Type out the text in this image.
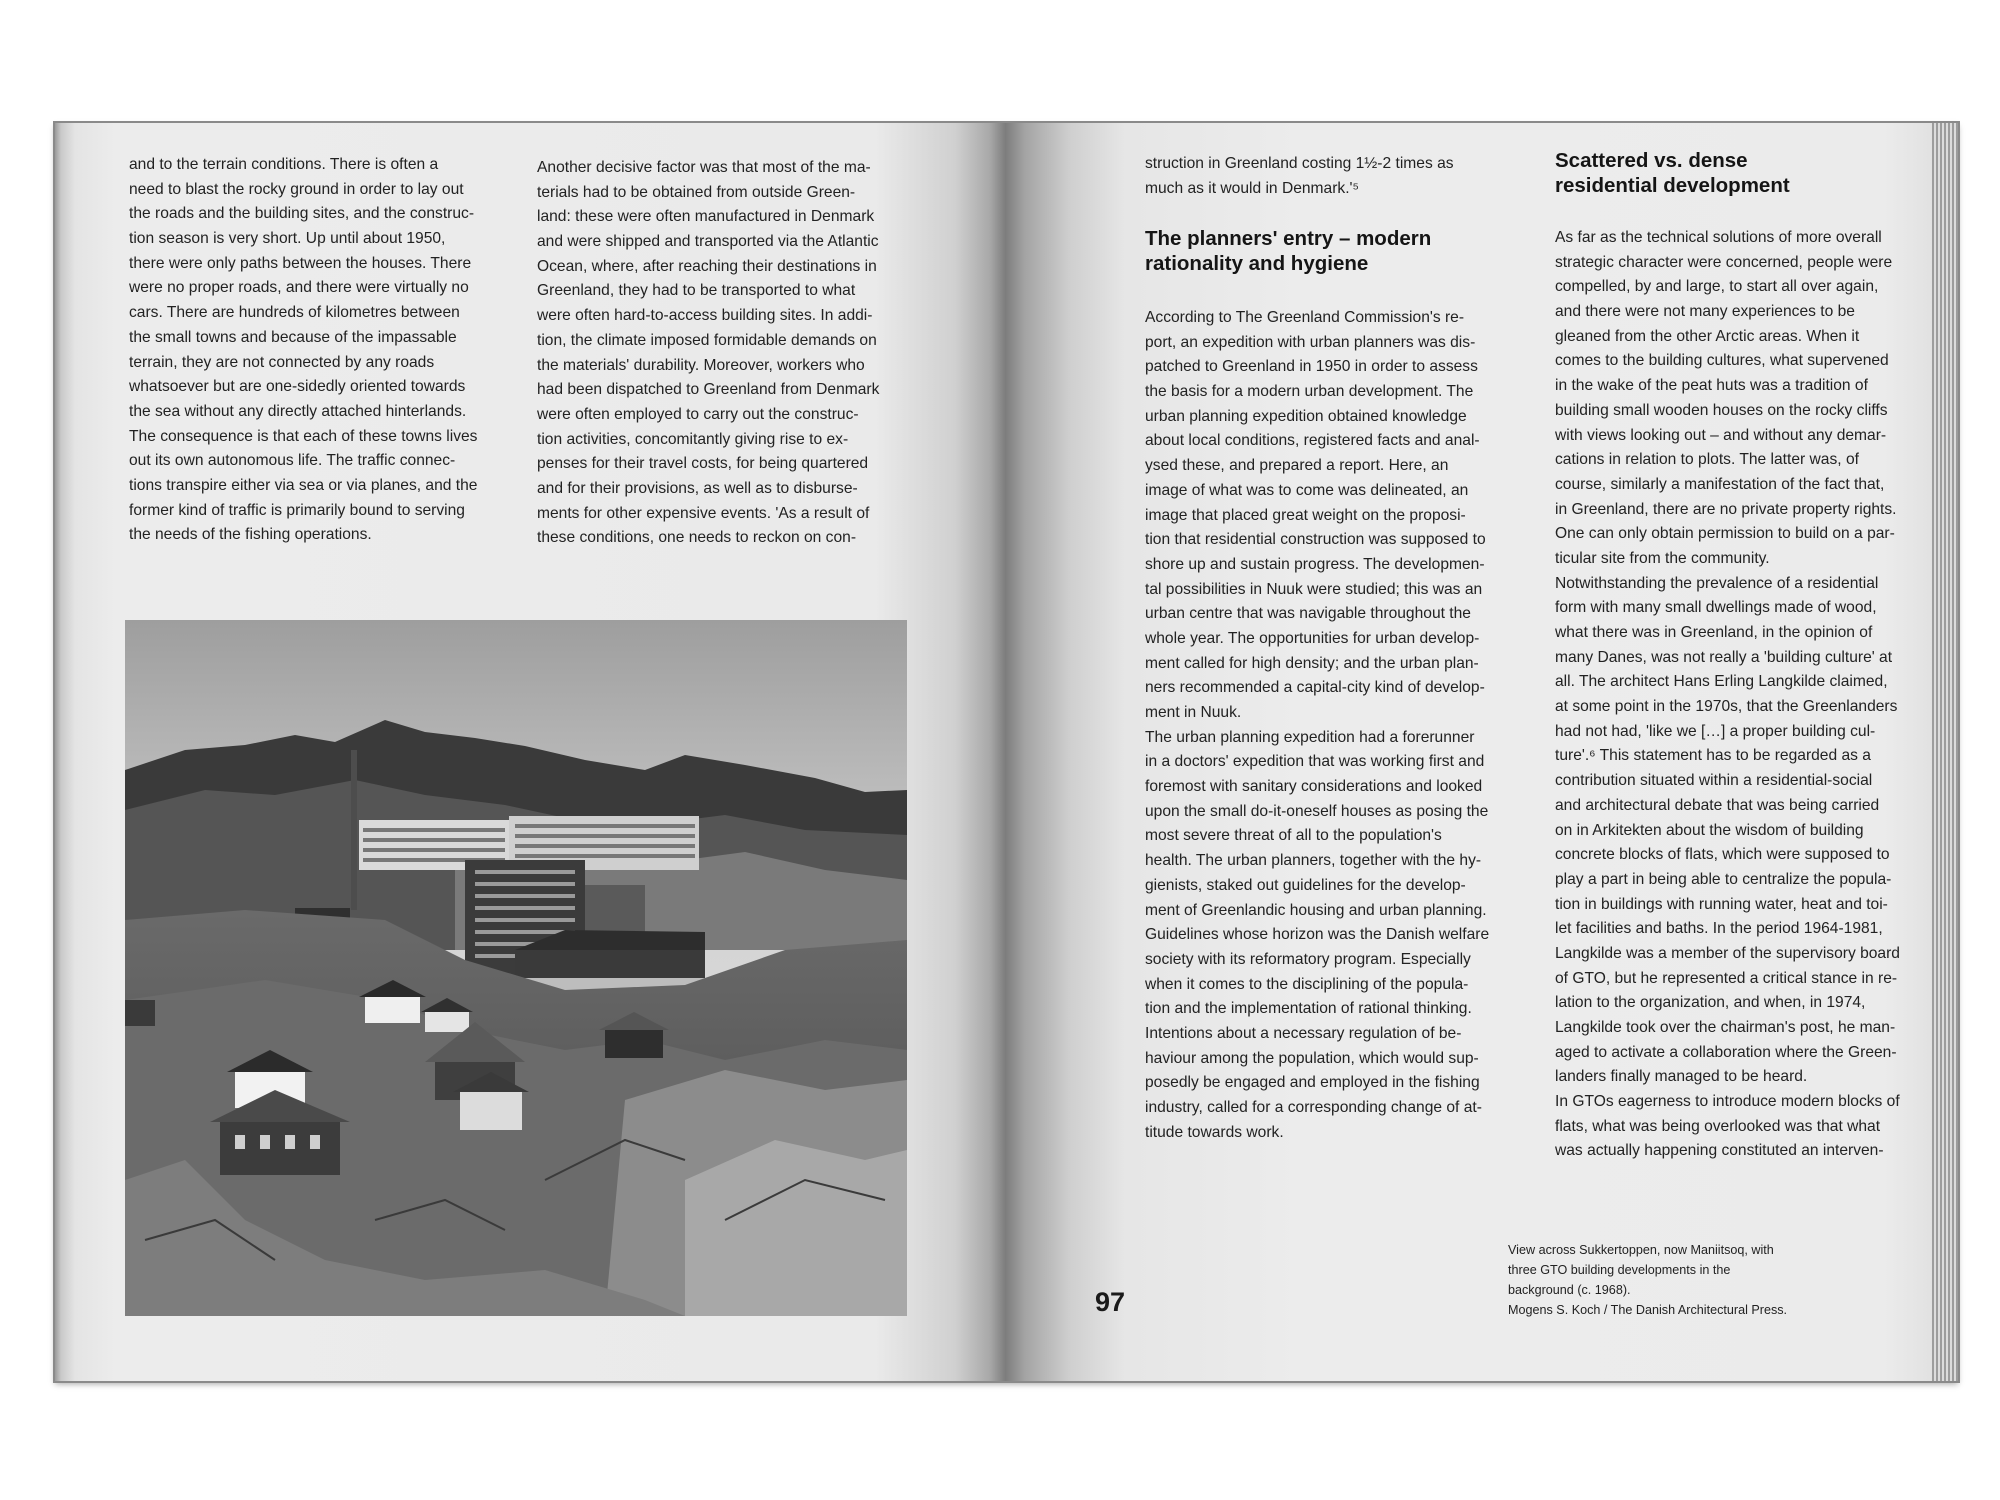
and to the terrain conditions. There is often a
need to blast the rocky ground in order to lay out
the roads and the building sites, and the construc-
tion season is very short. Up until about 1950,
there were only paths between the houses. There
were no proper roads, and there were virtually no
cars. There are hundreds of kilometres between
the small towns and because of the impassable
terrain, they are not connected by any roads
whatsoever but are one-sidedly oriented towards
the sea without any directly attached hinterlands.
The consequence is that each of these towns lives
out its own autonomous life. The traffic connec-
tions transpire either via sea or via planes, and the
former kind of traffic is primarily bound to serving
the needs of the fishing operations.
Another decisive factor was that most of the ma-
terials had to be obtained from outside Green-
land: these were often manufactured in Denmark
and were shipped and transported via the Atlantic
Ocean, where, after reaching their destinations in
Greenland, they had to be transported to what
were often hard-to-access building sites. In addi-
tion, the climate imposed formidable demands on
the materials' durability. Moreover, workers who
had been dispatched to Greenland from Denmark
were often employed to carry out the construc-
tion activities, concomitantly giving rise to ex-
penses for their travel costs, for being quartered
and for their provisions, as well as to disburse-
ments for other expensive events. 'As a result of
these conditions, one needs to reckon on con-
struction in Greenland costing 1½-2 times as
much as it would in Denmark.'⁵
The planners' entry – modern
rationality and hygiene
According to The Greenland Commission's re-
port, an expedition with urban planners was dis-
patched to Greenland in 1950 in order to assess
the basis for a modern urban development. The
urban planning expedition obtained knowledge
about local conditions, registered facts and anal-
ysed these, and prepared a report. Here, an
image of what was to come was delineated, an
image that placed great weight on the proposi-
tion that residential construction was supposed to
shore up and sustain progress. The developmen-
tal possibilities in Nuuk were studied; this was an
urban centre that was navigable throughout the
whole year. The opportunities for urban develop-
ment called for high density; and the urban plan-
ners recommended a capital-city kind of develop-
ment in Nuuk.
The urban planning expedition had a forerunner
in a doctors' expedition that was working first and
foremost with sanitary considerations and looked
upon the small do-it-oneself houses as posing the
most severe threat of all to the population's
health. The urban planners, together with the hy-
gienists, staked out guidelines for the develop-
ment of Greenlandic housing and urban planning.
Guidelines whose horizon was the Danish welfare
society with its reformatory program. Especially
when it comes to the disciplining of the popula-
tion and the implementation of rational thinking.
Intentions about a necessary regulation of be-
haviour among the population, which would sup-
posedly be engaged and employed in the fishing
industry, called for a corresponding change of at-
titude towards work.
Scattered vs. dense
residential development
As far as the technical solutions of more overall
strategic character were concerned, people were
compelled, by and large, to start all over again,
and there were not many experiences to be
gleaned from the other Arctic areas. When it
comes to the building cultures, what supervened
in the wake of the peat huts was a tradition of
building small wooden houses on the rocky cliffs
with views looking out – and without any demar-
cations in relation to plots. The latter was, of
course, similarly a manifestation of the fact that,
in Greenland, there are no private property rights.
One can only obtain permission to build on a par-
ticular site from the community.
Notwithstanding the prevalence of a residential
form with many small dwellings made of wood,
what there was in Greenland, in the opinion of
many Danes, was not really a 'building culture' at
all. The architect Hans Erling Langkilde claimed,
at some point in the 1970s, that the Greenlanders
had not had, 'like we […] a proper building cul-
ture'.⁶ This statement has to be regarded as a
contribution situated within a residential-social
and architectural debate that was being carried
on in Arkitekten about the wisdom of building
concrete blocks of flats, which were supposed to
play a part in being able to centralize the popula-
tion in buildings with running water, heat and toi-
let facilities and baths. In the period 1964-1981,
Langkilde was a member of the supervisory board
of GTO, but he represented a critical stance in re-
lation to the organization, and when, in 1974,
Langkilde took over the chairman's post, he man-
aged to activate a collaboration where the Green-
landers finally managed to be heard.
In GTOs eagerness to introduce modern blocks of
flats, what was being overlooked was that what
was actually happening constituted an interven-
97
View across Sukkertoppen, now Maniitsoq, with
three GTO building developments in the
background (c. 1968).
Mogens S. Koch / The Danish Architectural Press.
